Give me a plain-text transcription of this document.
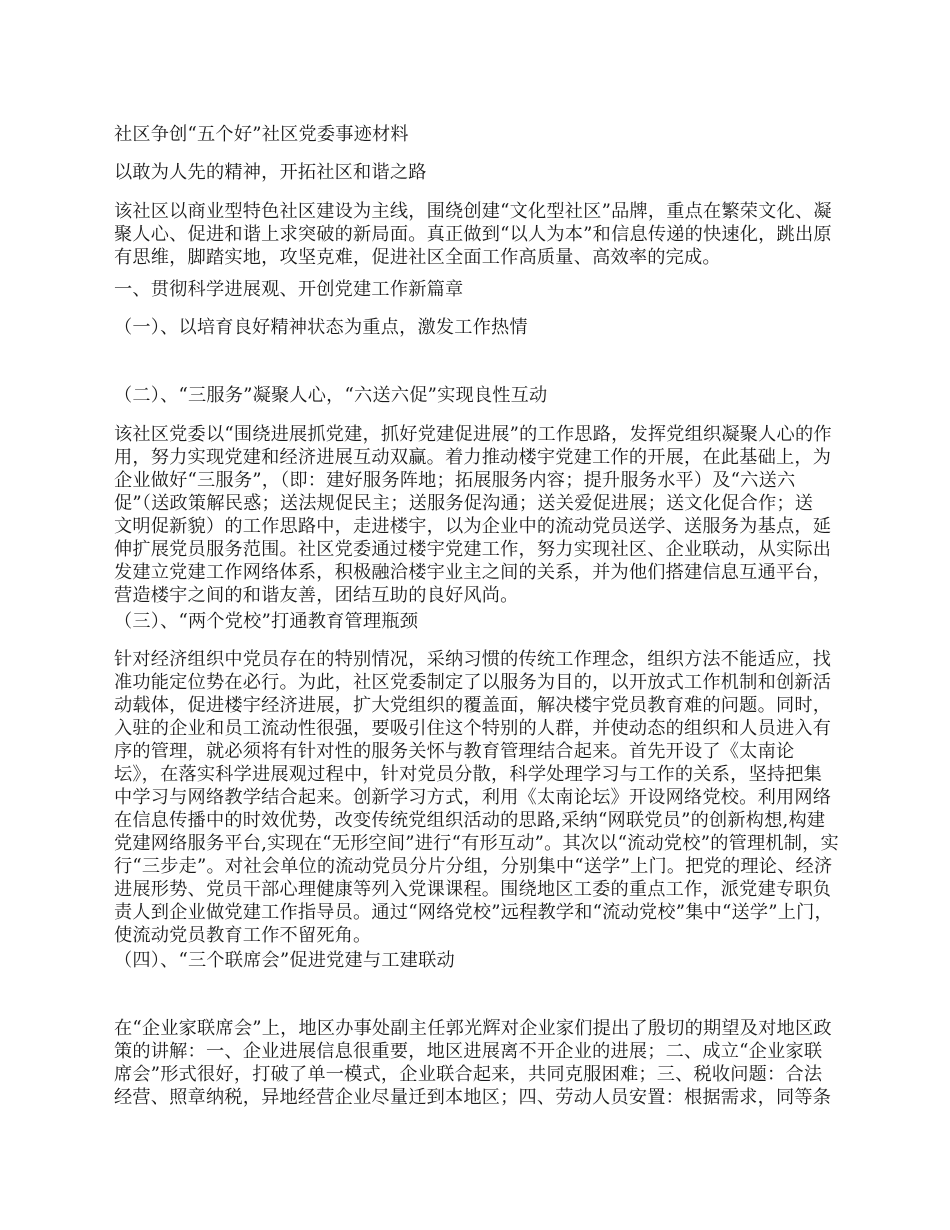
社区争创“五个好”社区党委事迹材料

以敢为人先的精神，开拓社区和谐之路

该社区以商业型特色社区建设为主线，围绕创建“文化型社区”品牌，重点在繁荣文化、凝
聚人心、促进和谐上求突破的新局面。真正做到“以人为本”和信息传递的快速化，跳出原
有思维，脚踏实地，攻坚克难，促进社区全面工作高质量、高效率的完成。

一、贯彻科学进展观、开创党建工作新篇章

（一）、以培育良好精神状态为重点，激发工作热情

（二）、“三服务”凝聚人心，“六送六促”实现良性互动

该社区党委以“围绕进展抓党建，抓好党建促进展”的工作思路，发挥党组织凝聚人心的作
用，努力实现党建和经济进展互动双赢。着力推动楼宇党建工作的开展，在此基础上，为
企业做好“三服务”，（即：建好服务阵地；拓展服务内容；提升服务水平）及“六送六
促”（送政策解民惑；送法规促民主；送服务促沟通；送关爱促进展；送文化促合作；送
文明促新貌）的工作思路中，走进楼宇，以为企业中的流动党员送学、送服务为基点，延
伸扩展党员服务范围。社区党委通过楼宇党建工作，努力实现社区、企业联动，从实际出
发建立党建工作网络体系，积极融洽楼宇业主之间的关系，并为他们搭建信息互通平台，
营造楼宇之间的和谐友善，团结互助的良好风尚。

（三）、“两个党校”打通教育管理瓶颈

针对经济组织中党员存在的特别情况，采纳习惯的传统工作理念，组织方法不能适应，找
准功能定位势在必行。为此，社区党委制定了以服务为目的，以开放式工作机制和创新活
动载体，促进楼宇经济进展，扩大党组织的覆盖面，解决楼宇党员教育难的问题。同时，
入驻的企业和员工流动性很强，要吸引住这个特别的人群，并使动态的组织和人员进入有
序的管理，就必须将有针对性的服务关怀与教育管理结合起来。首先开设了《太南论
坛》，在落实科学进展观过程中，针对党员分散，科学处理学习与工作的关系，坚持把集
中学习与网络教学结合起来。创新学习方式，利用《太南论坛》开设网络党校。利用网络
在信息传播中的时效优势，改变传统党组织活动的思路,采纳“网联党员”的创新构想,构建
党建网络服务平台,实现在“无形空间”进行“有形互动”。其次以“流动党校”的管理机制，实
行“三步走”。对社会单位的流动党员分片分组，分别集中“送学”上门。把党的理论、经济
进展形势、党员干部心理健康等列入党课课程。围绕地区工委的重点工作，派党建专职负
责人到企业做党建工作指导员。通过“网络党校”远程教学和“流动党校”集中“送学”上门，
使流动党员教育工作不留死角。

（四）、“三个联席会”促进党建与工建联动

在“企业家联席会”上，地区办事处副主任郭光辉对企业家们提出了殷切的期望及对地区政
策的讲解：一、企业进展信息很重要，地区进展离不开企业的进展；二、成立“企业家联
席会”形式很好，打破了单一模式，企业联合起来，共同克服困难；三、税收问题：合法
经营、照章纳税，异地经营企业尽量迁到本地区；四、劳动人员安置：根据需求，同等条
